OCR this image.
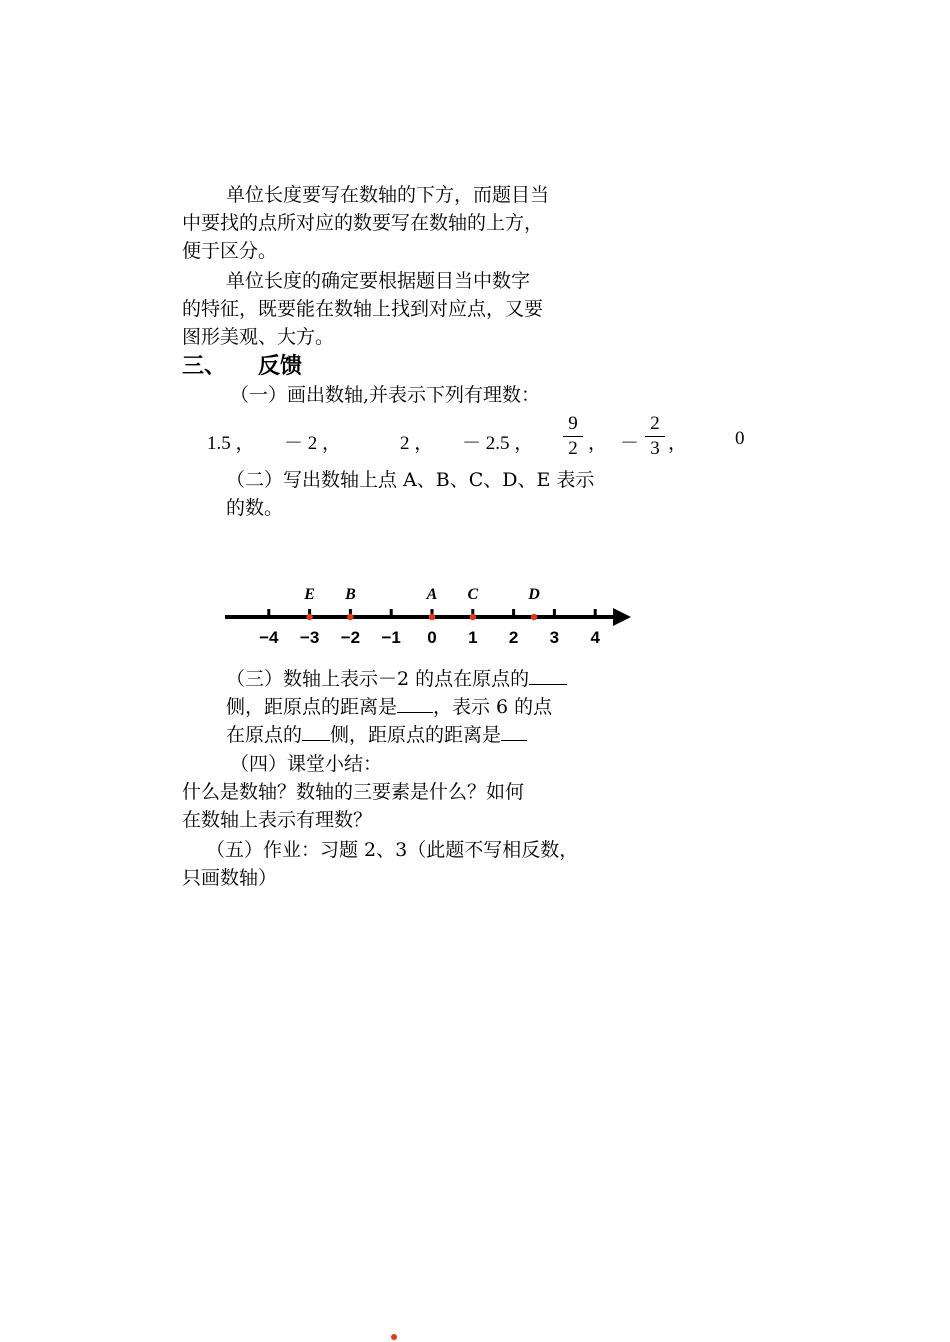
单位长度要写在数轴的下方，而题目当
中要找的点所对应的数要写在数轴的上方，
便于区分。
单位长度的确定要根据题目当中数字
的特征，既要能在数轴上找到对应点，又要
图形美观、大方。
三、 反馈
（一）画出数轴,并表示下列有理数：
1.5 ， － 2 ，	2 ， － 2.5 ，
9
2 ， －
2
3 ，	0
（二）写出数轴上点 A、B、C、D、E 表示
的数。
−4 −3 −2 −1 0 1 2 3 4
E B	A C	D
（三）数轴上表示－2 的点在原点的
侧，距原点的距离是 ，表示 6 的点
在原点的 侧，距原点的距离是
（四）课堂小结：
什么是数轴？数轴的三要素是什么？如何
在数轴上表示有理数？
（五）作业：习题 2、3（此题不写相反数，
只画数轴）
